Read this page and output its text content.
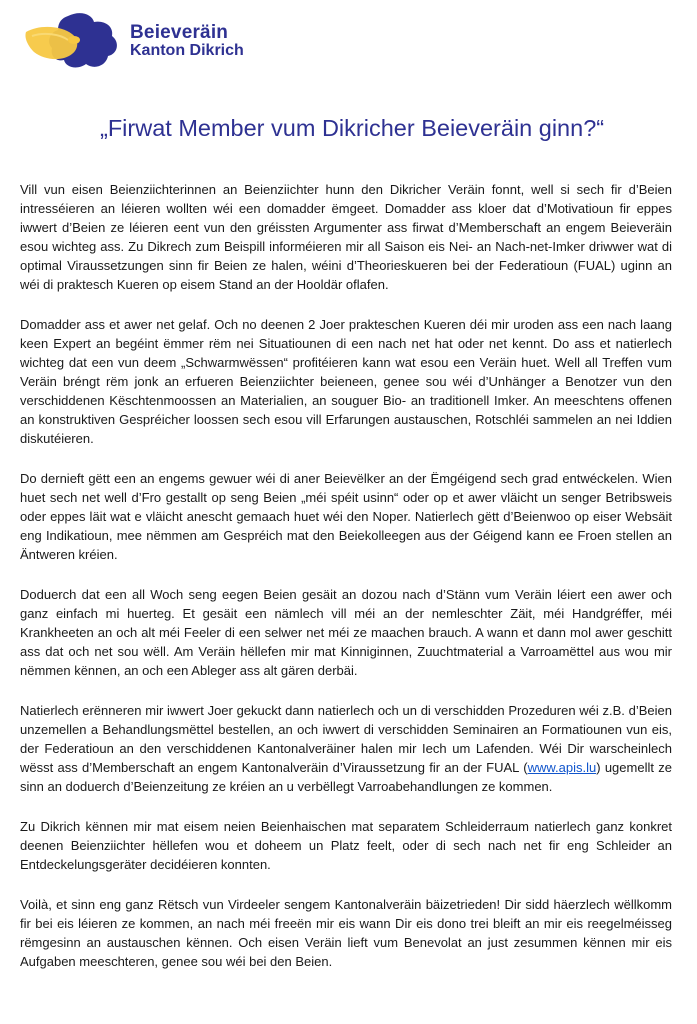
Beieveräin
Kanton Dikrich
„Firwat Member vum Dikricher Beieveräin ginn?“

Vill vun eisen Beienziichterinnen an Beienziichter hunn den Dikricher Veräin fonnt, well si sech fir d’Beien intresséieren an léieren wollten wéi een domadder ëmgeet. Domadder ass kloer dat d’Motivatioun fir eppes iwwert d’Beien ze léieren eent vun den gréissten Argumenter ass firwat d’Memberschaft an engem Beieveräin esou wichteg ass. Zu Dikrech zum Beispill informéieren mir all Saison eis Nei- an Nach-net-Imker driwwer wat di optimal Viraussetzungen sinn fir Beien ze halen, wéini d’Theorieskueren bei der Federatioun (FUAL) uginn an wéi di praktesch Kueren op eisem Stand an der Hooldär oflafen.

Domadder ass et awer net gelaf. Och no deenen 2 Joer prakteschen Kueren déi mir uroden ass een nach laang keen Expert an begéint ëmmer rëm nei Situatiounen di een nach net hat oder net kennt. Do ass et natierlech wichteg dat een vun deem „Schwarmwëssen“ profitéieren kann wat esou een Veräin huet. Well all Treffen vum Veräin bréngt rëm jonk an erfueren Beienziichter beieneen, genee sou wéi d’Unhänger a Benotzer vun den verschiddenen Këschtenmoossen an Materialien, an souguer Bio- an traditionell Imker. An meeschtens offenen an konstruktiven Gespréicher loossen sech esou vill Erfarungen austauschen, Rotschléi sammelen an nei Iddien diskutéieren.

Do dernieft gëtt een an engems gewuer wéi di aner Beievëlker an der Ëmgéigend sech grad entwéckelen. Wien huet sech net well d’Fro gestallt op seng Beien „méi spéit usinn“ oder op et awer vläicht un senger Betribsweis oder eppes läit wat e vläicht anescht gemaach huet wéi den Noper. Natierlech gëtt d’Beienwoo op eiser Websäit eng Indikatioun, mee nëmmen am Gespréich mat den Beiekolleegen aus der Géigend kann ee Froen stellen an Äntweren kréien.

Doduerch dat een all Woch seng eegen Beien gesäit an dozou nach d’Stänn vum Veräin léiert een awer och ganz einfach mi huerteg. Et gesäit een nämlech vill méi an der nemleschter Zäit, méi Handgréffer, méi Krankheeten an och alt méi Feeler di een selwer net méi ze maachen brauch. A wann et dann mol awer geschitt ass dat och net sou wëll. Am Veräin hëllefen mir mat Kinniginnen, Zuuchtmaterial a Varroamëttel aus wou mir nëmmen kënnen, an och een Ableger ass alt gären derbäi.

Natierlech erënneren mir iwwert Joer gekuckt dann natierlech och un di verschidden Prozeduren wéi z.B. d’Beien unzemellen a Behandlungsmëttel bestellen, an och iwwert di verschidden Seminairen an Formatiounen vun eis, der Federatioun an den verschiddenen Kantonalveräiner halen mir Iech um Lafenden. Wéi Dir warscheinlech wësst ass d’Memberschaft an engem Kantonalveräin d’Viraussetzung fir an der FUAL (www.apis.lu) ugemellt ze sinn an doduerch d’Beienzeitung ze kréien an u verbëllegt Varroabehandlungen ze kommen.

Zu Dikrich kënnen mir mat eisem neien Beienhaischen mat separatem Schleiderraum natierlech ganz konkret deenen Beienziichter hëllefen wou et doheem un Platz feelt, oder di sech nach net fir eng Schleider an Entdeckelungsgeräter decidéieren konnten.

Voilà, et sinn eng ganz Rëtsch vun Virdeeler sengem Kantonalveräin bäizetrieden! Dir sidd häerzlech wëllkomm fir bei eis léieren ze kommen, an nach méi freeën mir eis wann Dir eis dono trei bleift an mir eis reegelméisseg rëmgesinn an austauschen kënnen. Och eisen Veräin lieft vum Benevolat an just zesummen kënnen mir eis Aufgaben meeschteren, genee sou wéi bei den Beien.
